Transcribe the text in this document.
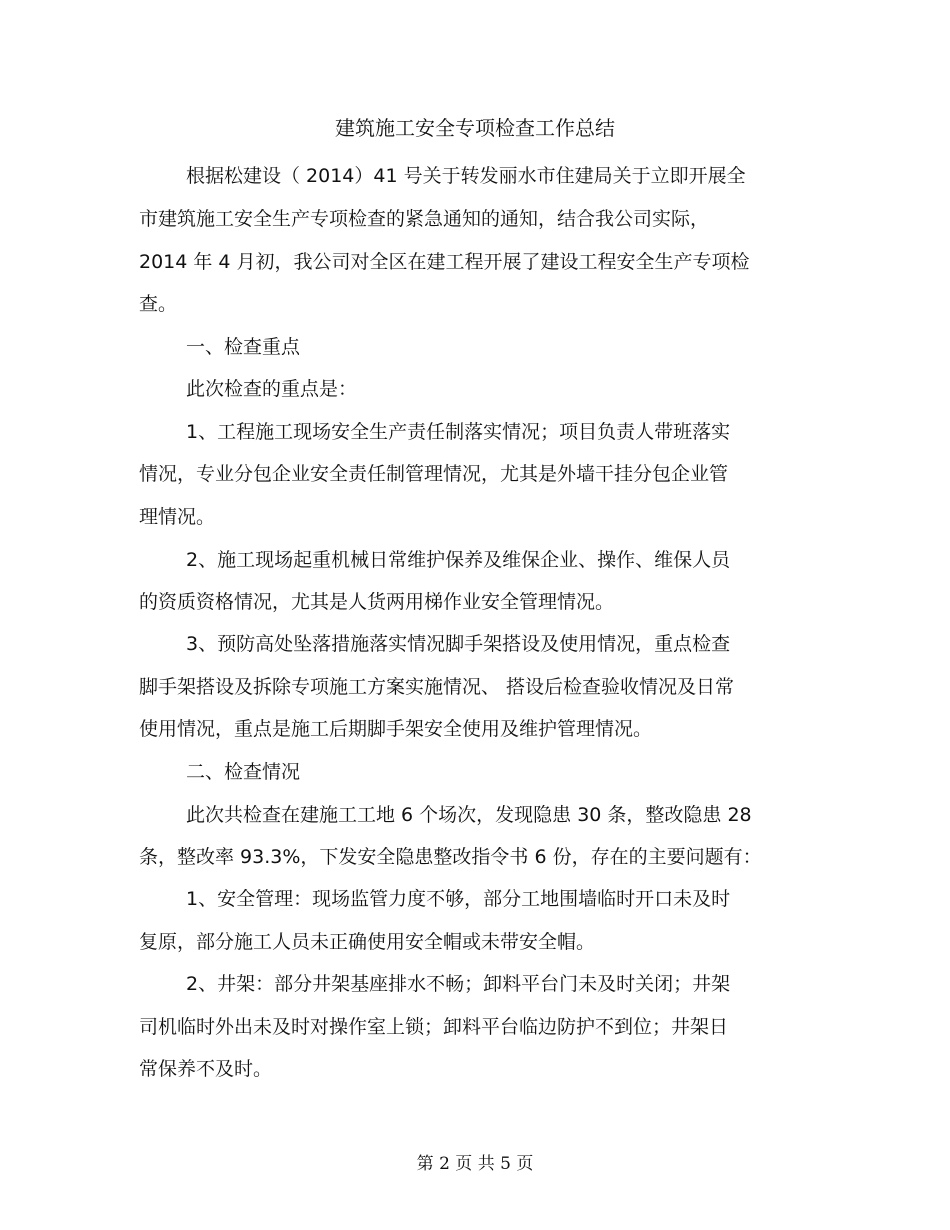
建筑施工安全专项检查工作总结
根据松建设（ 2014）41 号关于转发丽水市住建局关于立即开展全
市建筑施工安全生产专项检查的紧急通知的通知，结合我公司实际，
2014 年 4 月初，我公司对全区在建工程开展了建设工程安全生产专项检
查。
一、检查重点
此次检查的重点是：
1、工程施工现场安全生产责任制落实情况；项目负责人带班落实
情况，专业分包企业安全责任制管理情况，尤其是外墙干挂分包企业管
理情况。
2、施工现场起重机械日常维护保养及维保企业、操作、维保人员
的资质资格情况，尤其是人货两用梯作业安全管理情况。
3、预防高处坠落措施落实情况脚手架搭设及使用情况，重点检查
脚手架搭设及拆除专项施工方案实施情况、 搭设后检查验收情况及日常
使用情况，重点是施工后期脚手架安全使用及维护管理情况。
二、检查情况
此次共检查在建施工工地 6 个场次，发现隐患 30 条，整改隐患 28
条，整改率 93.3%，下发安全隐患整改指令书 6 份，存在的主要问题有：
1、安全管理：现场监管力度不够，部分工地围墙临时开口未及时
复原，部分施工人员未正确使用安全帽或未带安全帽。
2、井架：部分井架基座排水不畅；卸料平台门未及时关闭；井架
司机临时外出未及时对操作室上锁；卸料平台临边防护不到位；井架日
常保养不及时。
第 2 页 共 5 页
